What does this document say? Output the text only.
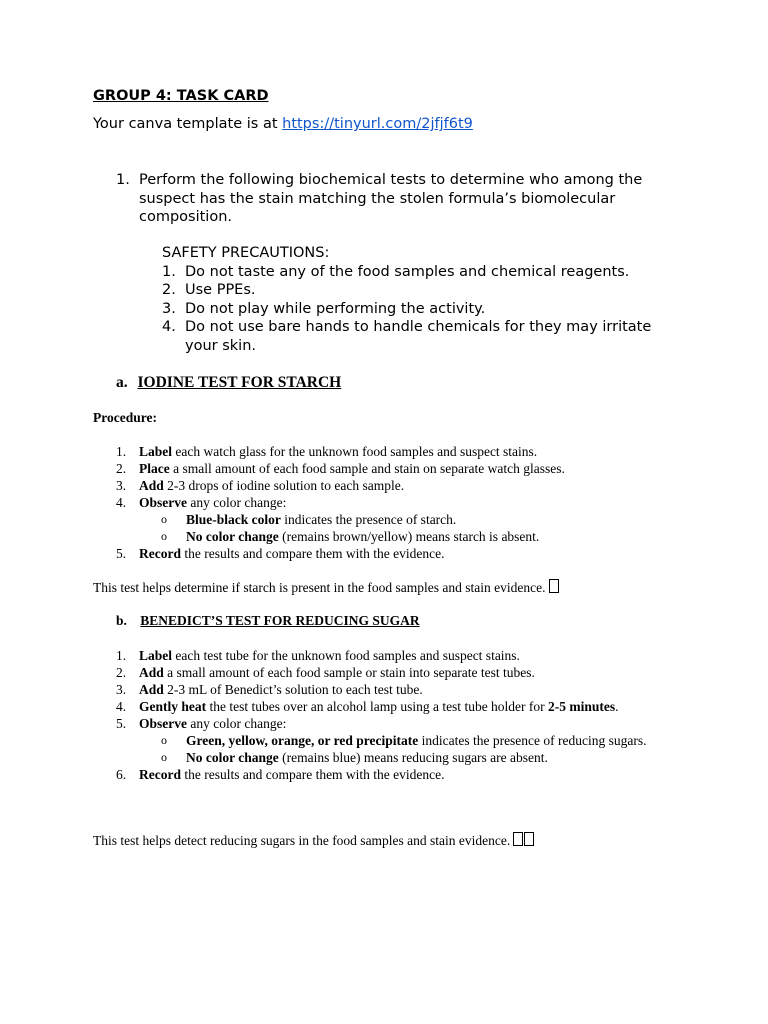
GROUP 4: TASK CARD
Your canva template is at https://tinyurl.com/2jfjf6t9
1. Perform the following biochemical tests to determine who among the suspect has the stain matching the stolen formula’s biomolecular composition.
SAFETY PRECAUTIONS:
1. Do not taste any of the food samples and chemical reagents.
2. Use PPEs.
3. Do not play while performing the activity.
4. Do not use bare hands to handle chemicals for they may irritate your skin.
a. IODINE TEST FOR STARCH
Procedure:
1. Label each watch glass for the unknown food samples and suspect stains.
2. Place a small amount of each food sample and stain on separate watch glasses.
3. Add 2-3 drops of iodine solution to each sample.
4. Observe any color change:
o Blue-black color indicates the presence of starch.
o No color change (remains brown/yellow) means starch is absent.
5. Record the results and compare them with the evidence.
This test helps determine if starch is present in the food samples and stain evidence.
b. BENEDICT’S TEST FOR REDUCING SUGAR
1. Label each test tube for the unknown food samples and suspect stains.
2. Add a small amount of each food sample or stain into separate test tubes.
3. Add 2-3 mL of Benedict’s solution to each test tube.
4. Gently heat the test tubes over an alcohol lamp using a test tube holder for 2-5 minutes.
5. Observe any color change:
o Green, yellow, orange, or red precipitate indicates the presence of reducing sugars.
o No color change (remains blue) means reducing sugars are absent.
6. Record the results and compare them with the evidence.
This test helps detect reducing sugars in the food samples and stain evidence.
